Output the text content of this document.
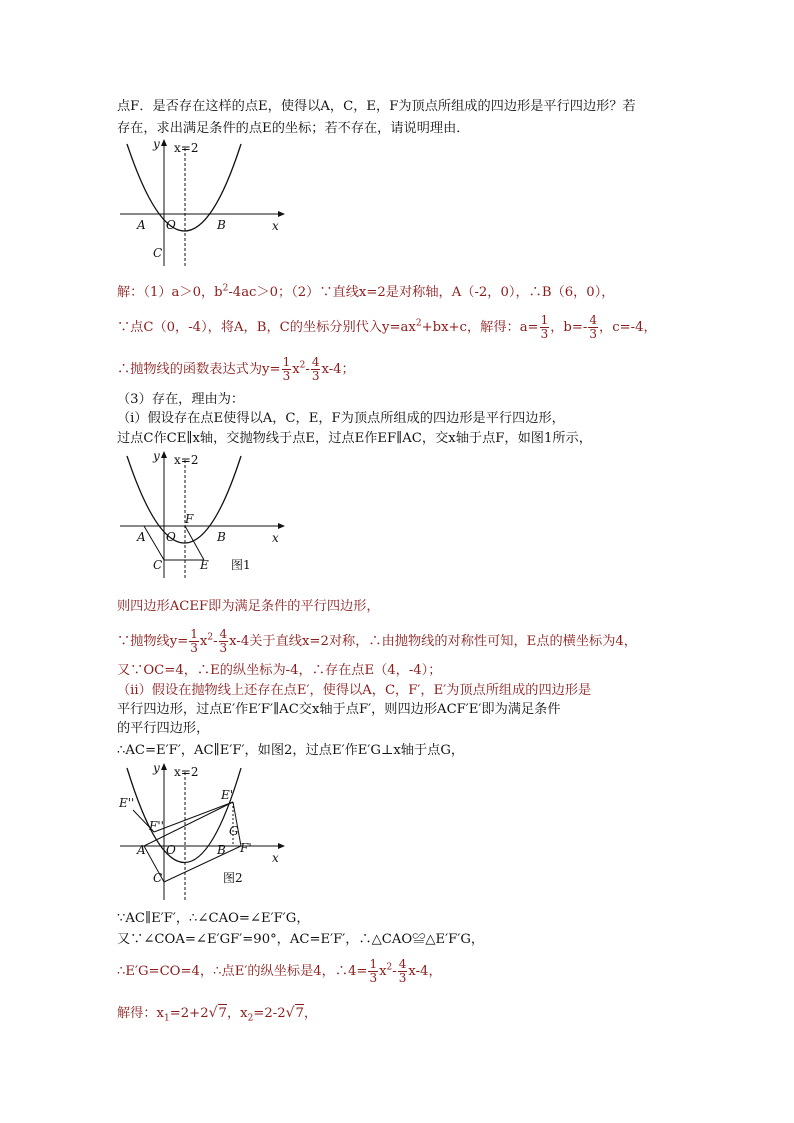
点F．是否存在这样的点E，使得以A，C，E，F为顶点所组成的四边形是平行四边形？若
存在，求出满足条件的点E的坐标；若不存在，请说明理由．
y x=2
x
A O	B
C
解：（1）a＞0，$b^2-4ac>0$；（2）∵直线x=2是对称轴，A（-2，0），∴B（6，0），
∵点C（0，-4），将A，B，C的坐标分别代入$y=ax^2+bx+c$，解得：$a= \frac{1}{3}$ ，$b=- \frac{4}{3}$ ，c=-4，
∴抛物线的函数表达式为$y= \frac{1}{3} x^2- \frac{4}{3} x-4$；
（3）存在，理由为：
（i）假设存在点E使得以A，C，E，F为顶点所组成的四边形是平行四边形，
过点C作CE∥x轴，交抛物线于点E，过点E作EF∥AC，交x轴于点F，如图1所示，
y x=2
x
A O
F
B
C	E 图1
则四边形ACEF即为满足条件的平行四边形，
∵抛物线$y= \frac{1}{3} x^2- \frac{4}{3} x-4$关于直线x=2对称，∴由抛物线的对称性可知，E点的横坐标为4，
又∵OC=4，∴E的纵坐标为-4，∴存在点E（4，-4）；
（ii）假设在抛物线上还存在点E′，使得以A，C，F′，E′为顶点所组成的四边形是
平行四边形，过点E′作E′F′∥AC交x轴于点F′，则四边形ACF′E′即为满足条件
的平行四边形，
∴AC=E′F′，AC∥E′F′，如图2，过点E′作E′G⊥x轴于点G，
y x=2
x
E''
F''
E'
G
F'
A O	B
C	图2
∵AC∥E′F′，∴∠CAO=∠E′F′G，
又∵∠COA=∠E′GF′=90°，AC=E′F′，∴△CAO≌△E′F′G，
∴E′G=CO=4，∴点E′的纵坐标是4，∴4= $\frac{1}{3} x^2- \frac{4}{3} x-4$，
解得：$x_1=2+2√7$，$x_2=2-2√7$，
